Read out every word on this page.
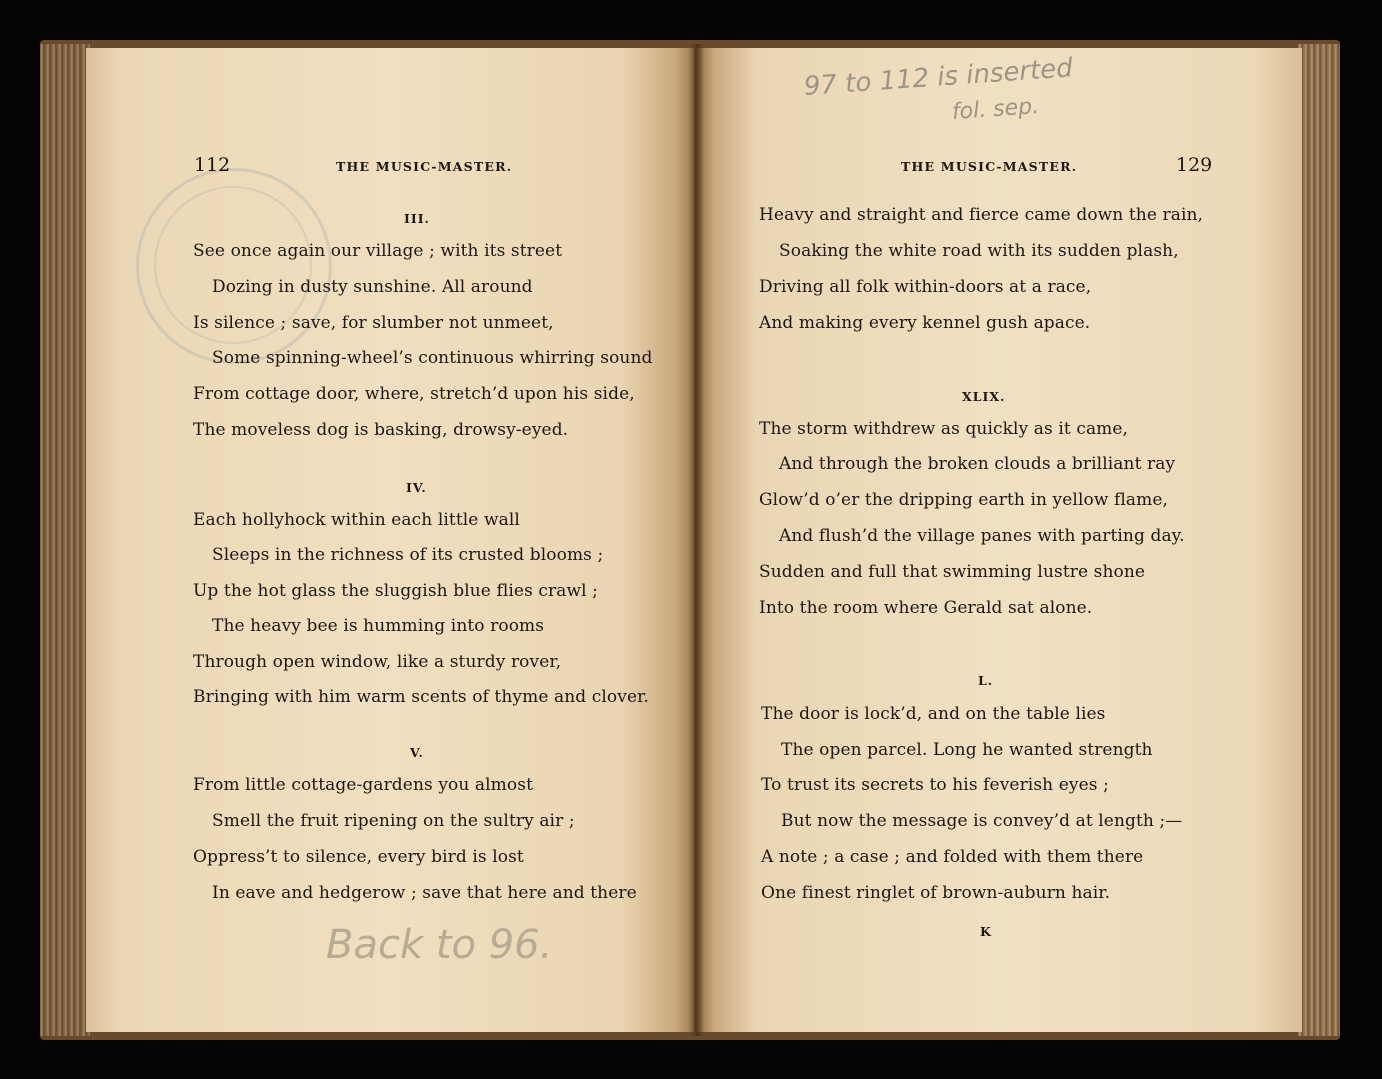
112	THE MUSIC-MASTER.
III.
See once again our village ; with its street
Dozing in dusty sunshine. All around
Is silence ; save, for slumber not unmeet,
Some spinning-wheel’s continuous whirring sound
From cottage door, where, stretch’d upon his side,
The moveless dog is basking, drowsy-eyed.
IV.
Each hollyhock within each little wall
Sleeps in the richness of its crusted blooms ;
Up the hot glass the sluggish blue flies crawl ;
The heavy bee is humming into rooms
Through open window, like a sturdy rover,
Bringing with him warm scents of thyme and clover.
V.
From little cottage-gardens you almost
Smell the fruit ripening on the sultry air ;
Oppress’t to silence, every bird is lost
In eave and hedgerow ; save that here and there
Back to 96.
97 to 112 is inserted
fol. sep.
THE MUSIC-MASTER.	129
Heavy and straight and fierce came down the rain,
Soaking the white road with its sudden plash,
Driving all folk within-doors at a race,
And making every kennel gush apace.
XLIX.
The storm withdrew as quickly as it came,
And through the broken clouds a brilliant ray
Glow’d o’er the dripping earth in yellow flame,
And flush’d the village panes with parting day.
Sudden and full that swimming lustre shone
Into the room where Gerald sat alone.
L.
The door is lock’d, and on the table lies
The open parcel. Long he wanted strength
To trust its secrets to his feverish eyes ;
But now the message is convey’d at length ;—
A note ; a case ; and folded with them there
One finest ringlet of brown-auburn hair.
K
